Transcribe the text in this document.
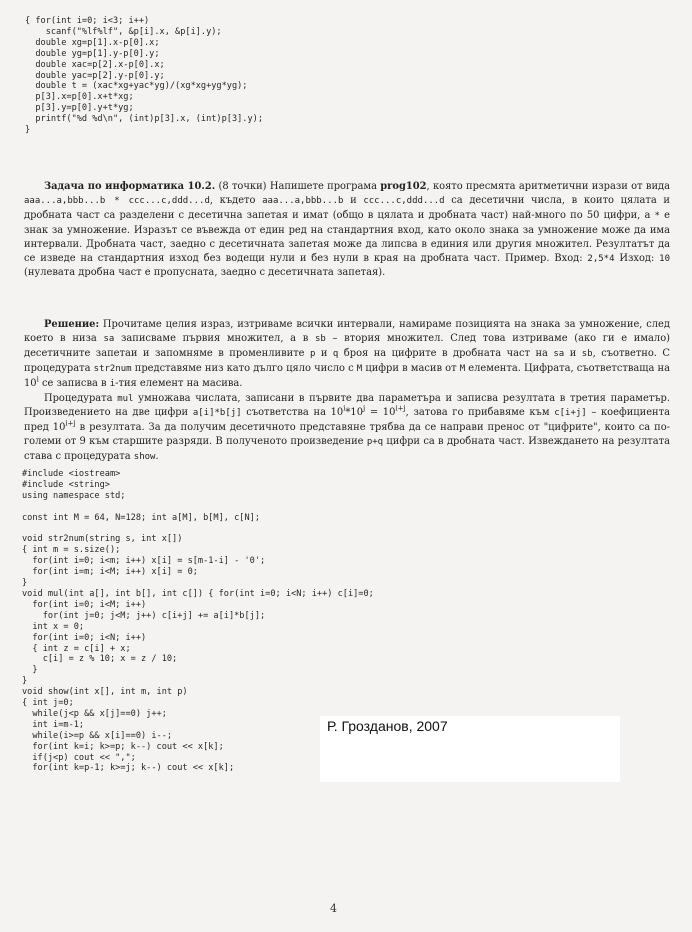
{ for(int i=0; i<3; i++)
scanf("%lf%lf", &p[i].x, &p[i].y);
double xg=p[1].x-p[0].x;
double yg=p[1].y-p[0].y;
double xac=p[2].x-p[0].x;
double yac=p[2].y-p[0].y;
double t = (xac*xg+yac*yg)/(xg*xg+yg*yg);
p[3].x=p[0].x+t*xg;
p[3].y=p[0].y+t*yg;
printf("%d %d\n", (int)p[3].x, (int)p[3].y);
}

Задача по информатика 10.2. (8 точки) Напишете програма prog102, която пресмята аритметични изрази от вида aaa...a,bbb...b * ccc...c,ddd...d, където aaa...a,bbb...b и ccc...c,ddd...d са десетични числа, в които цялата и дробната част са разделени с десетична запетая и имат (общо в цялата и дробната част) най-много по 50 цифри, а * е знак за умножение. Изразът се въвежда от един ред на стандартния вход, като около знака за умножение може да има интервали. Дробната част, заедно с десетичната запетая може да липсва в единия или другия множител. Резултатът да се изведе на стандартния изход без водещи нули и без нули в края на дробната част. Пример. Вход: 2,5*4 Изход: 10 (нулевата дробна част е пропусната, заедно с десетичната запетая).

Решение: Прочитаме целия израз, изтриваме всички интервали, намираме позицията на знака за умножение, след което в низа sa записваме първия множител, а в sb – втория множител. След това изтриваме (ако ги е имало) десетичните запетаи и запомняме в променливите p и q броя на цифрите в дробната част на sa и sb, съответно. С процедурата str2num представяме низ като дълго цяло число с M цифри в масив от M елемента. Цифрата, съответстваща на 10$^i$ се записва в i-тия елемент на масива.

Процедурата mul умножава числата, записани в първите два параметъра и записва резултата в третия параметър. Произведението на две цифри a[i]*b[j] съответства на $10^i*10^j = 10^{i+j}$, затова го прибавяме към c[i+j] – коефициента пред $10^{i+j}$ в резултата. За да получим десетичното представяне трябва да се направи пренос от "цифрите", които са по-големи от 9 към старшите разряди. В полученото произведение p+q цифри са в дробната част. Извеждането на резултата става с процедурата show.

#include <iostream>
#include <string>
using namespace std;

const int M = 64, N=128; int a[M], b[M], c[N];

void str2num(string s, int x[])
{ int m = s.size();
for(int i=0; i<m; i++) x[i] = s[m-1-i] - '0';
for(int i=m; i<M; i++) x[i] = 0;
}
void mul(int a[], int b[], int c[]) { for(int i=0; i<N; i++) c[i]=0;
for(int i=0; i<M; i++)
for(int j=0; j<M; j++) c[i+j] += a[i]*b[j];
int x = 0;
for(int i=0; i<N; i++)
{ int z = c[i] + x;
c[i] = z % 10; x = z / 10;
}
}
void show(int x[], int m, int p)
{ int j=0;
while(j<p && x[j]==0) j++;
int i=m-1;
while(i>=p && x[i]==0) i--;
for(int k=i; k>=p; k--) cout << x[k];
if(j<p) cout << ",";
for(int k=p-1; k>=j; k--) cout << x[k];

Р. Грозданов, 2007
4
